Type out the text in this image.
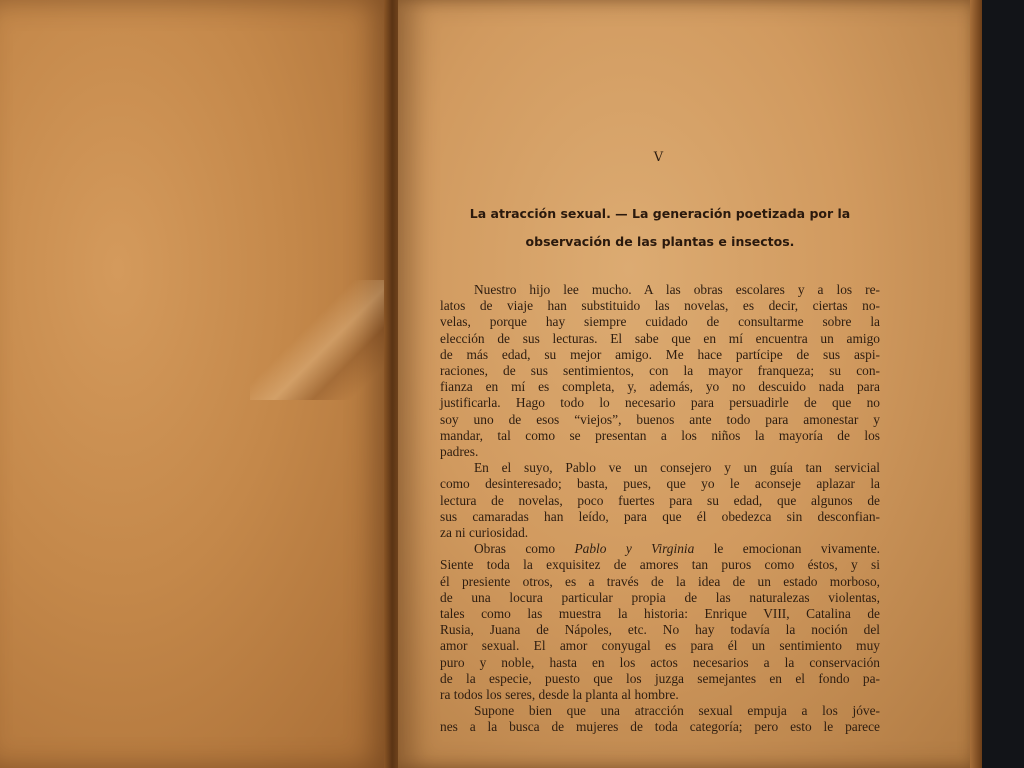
V
La atracción sexual. — La generación poetizada por la
observación de las plantas e insectos.
Nuestro hijo lee mucho. A las obras escolares y a los re-
latos de viaje han substituido las novelas, es decir, ciertas no-
velas, porque hay siempre cuidado de consultarme sobre la
elección de sus lecturas. El sabe que en mí encuentra un amigo
de más edad, su mejor amigo. Me hace partícipe de sus aspi-
raciones, de sus sentimientos, con la mayor franqueza; su con-
fianza en mí es completa, y, además, yo no descuido nada para
justificarla. Hago todo lo necesario para persuadirle de que no
soy uno de esos “viejos”, buenos ante todo para amonestar y
mandar, tal como se presentan a los niños la mayoría de los
padres.
En el suyo, Pablo ve un consejero y un guía tan servicial
como desinteresado; basta, pues, que yo le aconseje aplazar la
lectura de novelas, poco fuertes para su edad, que algunos de
sus camaradas han leído, para que él obedezca sin desconfian-
za ni curiosidad.
Obras como Pablo y Virginia le emocionan vivamente.
Siente toda la exquisitez de amores tan puros como éstos, y si
él presiente otros, es a través de la idea de un estado morboso,
de una locura particular propia de las naturalezas violentas,
tales como las muestra la historia: Enrique VIII, Catalina de
Rusia, Juana de Nápoles, etc. No hay todavía la noción del
amor sexual. El amor conyugal es para él un sentimiento muy
puro y noble, hasta en los actos necesarios a la conservación
de la especie, puesto que los juzga semejantes en el fondo pa-
ra todos los seres, desde la planta al hombre.
Supone bien que una atracción sexual empuja a los jóve-
nes a la busca de mujeres de toda categoría; pero esto le parece
